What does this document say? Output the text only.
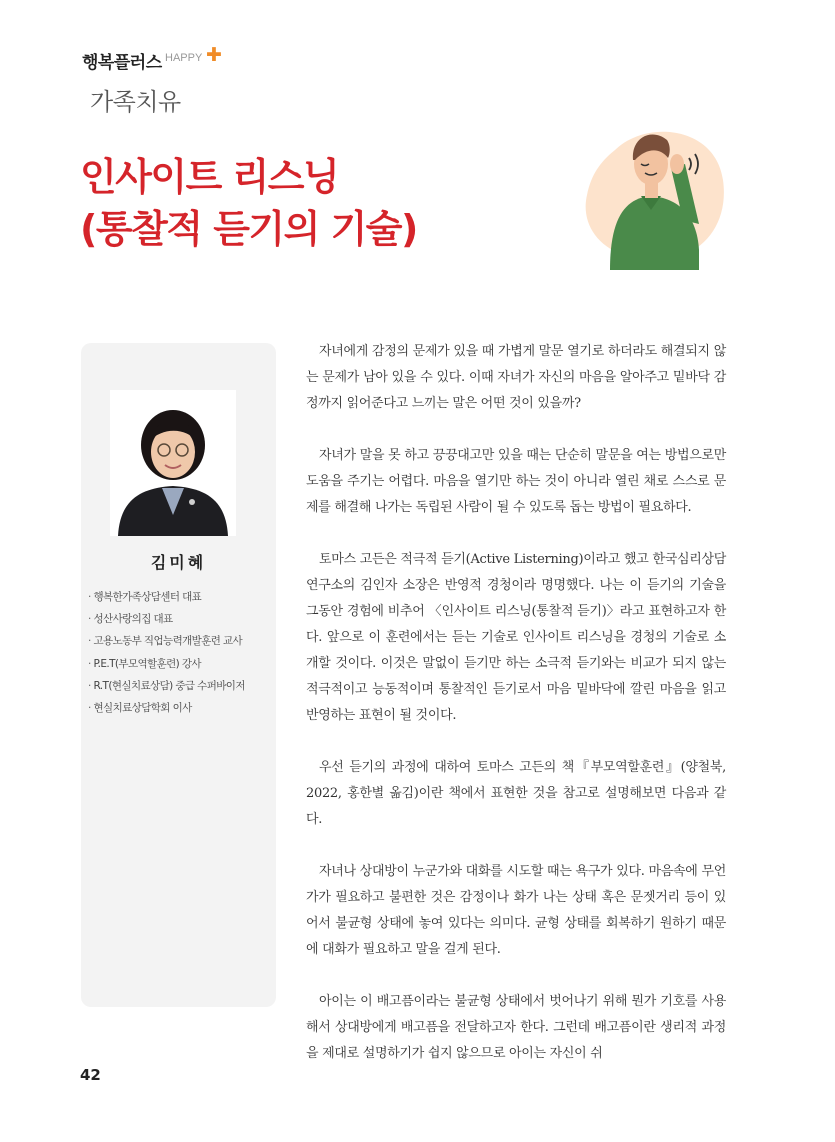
행복플러스 HAPPY ✚
가족치유
인사이트 리스닝
(통찰적 듣기의 기술)
김미혜
· 행복한가족상담센터 대표
· 성산사랑의집 대표
· 고용노동부 직업능력개발훈련 교사
· P.E.T(부모역할훈련) 강사
· R.T(현실치료상담) 중급 수퍼바이저
· 현실치료상담학회 이사

자녀에게 감정의 문제가 있을 때 가볍게 말문 열기로 하더라도 해결되지 않는 문제가 남아 있을 수 있다. 이때 자녀가 자신의 마음을 알아주고 밑바닥 감정까지 읽어준다고 느끼는 말은 어떤 것이 있을까?

자녀가 말을 못 하고 끙끙대고만 있을 때는 단순히 말문을 여는 방법으로만 도움을 주기는 어렵다. 마음을 열기만 하는 것이 아니라 열린 채로 스스로 문제를 해결해 나가는 독립된 사람이 될 수 있도록 돕는 방법이 필요하다.

토마스 고든은 적극적 듣기(Active Listerning)이라고 했고 한국심리상담연구소의 김인자 소장은 반영적 경청이라 명명했다. 나는 이 듣기의 기술을 그동안 경험에 비추어 〈인사이트 리스닝(통찰적 듣기)〉라고 표현하고자 한다. 앞으로 이 훈련에서는 듣는 기술로 인사이트 리스닝을 경청의 기술로 소개할 것이다. 이것은 말없이 듣기만 하는 소극적 듣기와는 비교가 되지 않는 적극적이고 능동적이며 통찰적인 듣기로서 마음 밑바닥에 깔린 마음을 읽고 반영하는 표현이 될 것이다.

우선 듣기의 과정에 대하여 토마스 고든의 책『부모역할훈련』(양철북, 2022, 홍한별 옮김)이란 책에서 표현한 것을 참고로 설명해보면 다음과 같다.

자녀나 상대방이 누군가와 대화를 시도할 때는 욕구가 있다. 마음속에 무언가가 필요하고 불편한 것은 감정이나 화가 나는 상태 혹은 문젯거리 등이 있어서 불균형 상태에 놓여 있다는 의미다. 균형 상태를 회복하기 원하기 때문에 대화가 필요하고 말을 걸게 된다.

아이는 이 배고픔이라는 불균형 상태에서 벗어나기 위해 뭔가 기호를 사용해서 상대방에게 배고픔을 전달하고자 한다. 그런데 배고픔이란 생리적 과정을 제대로 설명하기가 쉽지 않으므로 아이는 자신이 쉬

42
